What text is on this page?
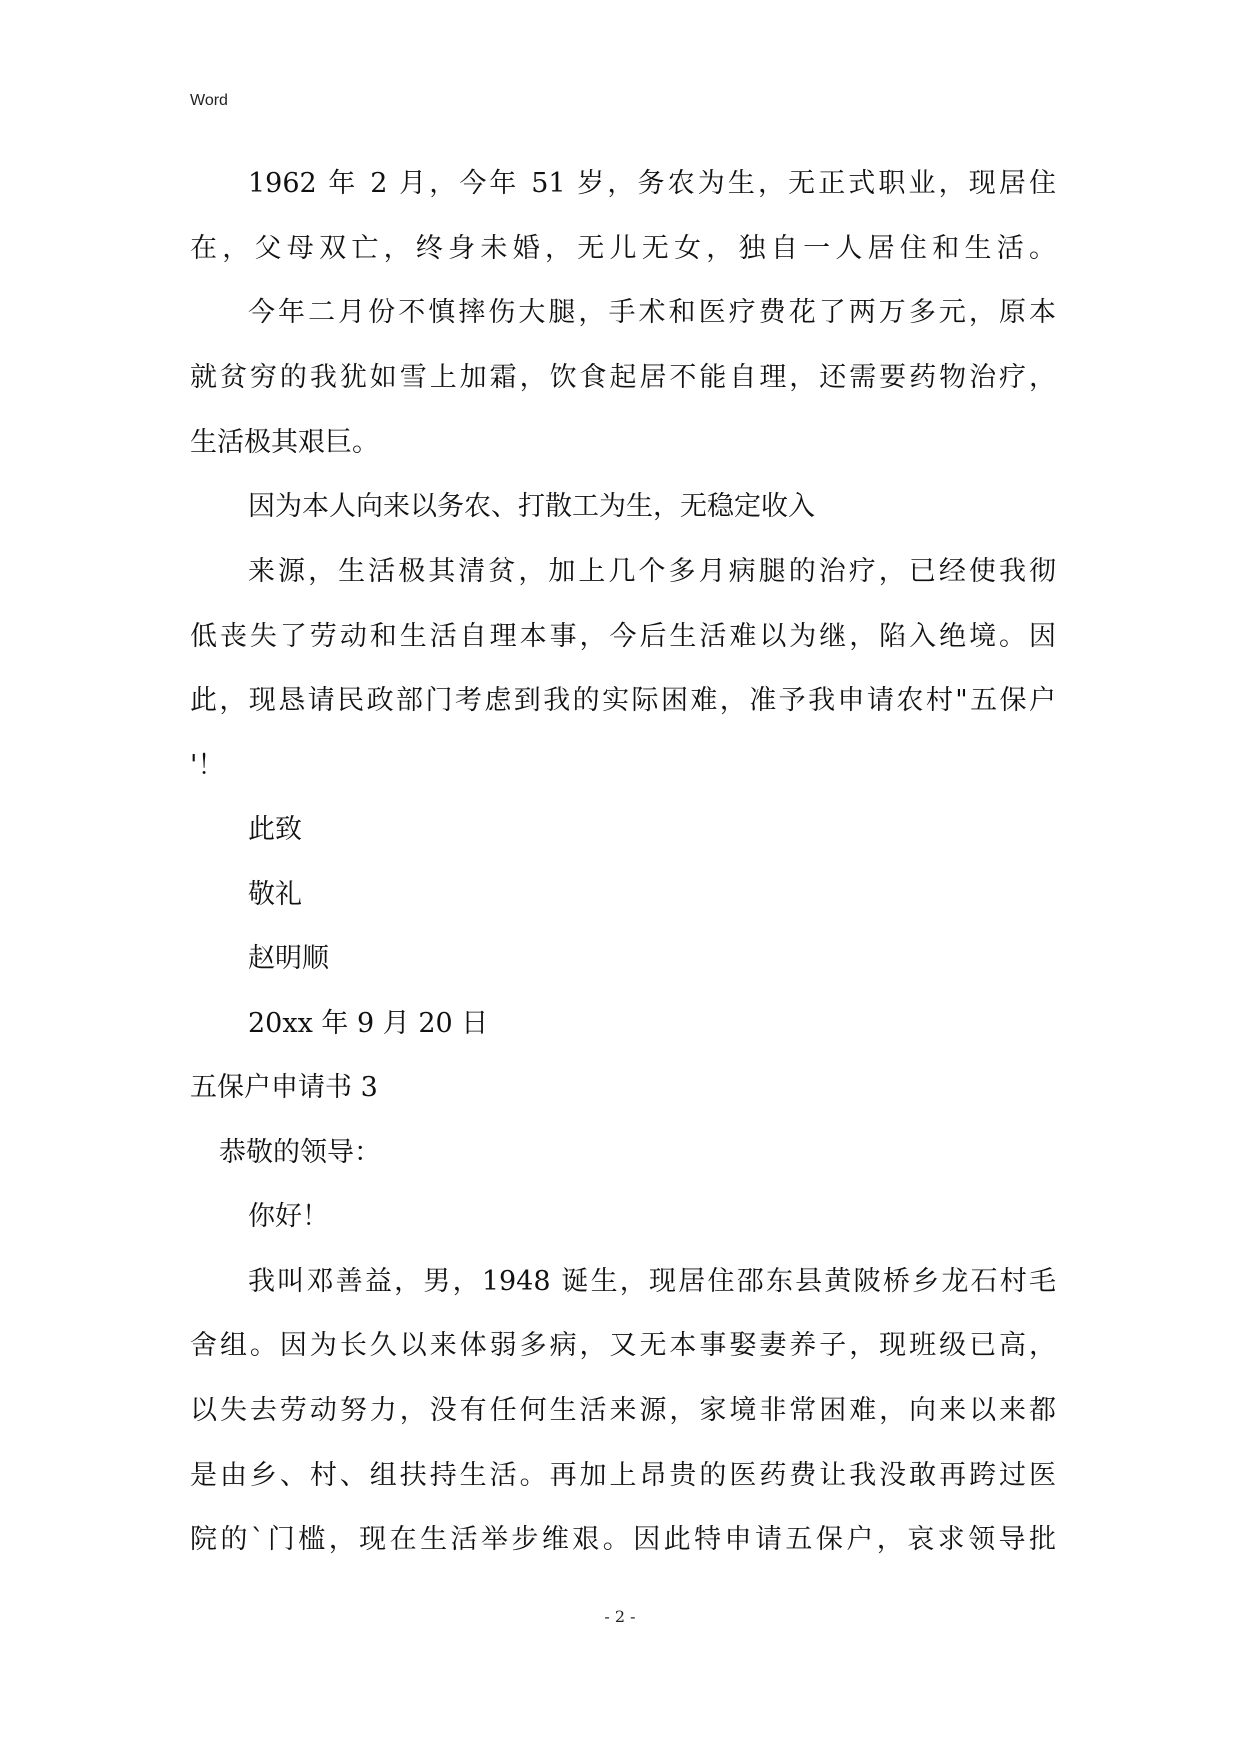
Word
1962 年 2 月，今年 51 岁，务农为生，无正式职业，现居住
在，父母双亡，终身未婚，无儿无女，独自一人居住和生活。
今年二月份不慎摔伤大腿，手术和医疗费花了两万多元，原本
就贫穷的我犹如雪上加霜，饮食起居不能自理，还需要药物治疗，
生活极其艰巨。
因为本人向来以务农、打散工为生，无稳定收入
来源，生活极其清贫，加上几个多月病腿的治疗，已经使我彻
低丧失了劳动和生活自理本事，今后生活难以为继，陷入绝境。因
此，现恳请民政部门考虑到我的实际困难，准予我申请农村"五保户
'！
此致
敬礼
赵明顺
20xx 年 9 月 20 日
五保户申请书 3
恭敬的领导：
你好！
我叫邓善益，男，1948 诞生，现居住邵东县黄陂桥乡龙石村毛
舍组。因为长久以来体弱多病，又无本事娶妻养子，现班级已高，
以失去劳动努力，没有任何生活来源，家境非常困难，向来以来都
是由乡、村、组扶持生活。再加上昂贵的医药费让我没敢再跨过医
院的`门槛，现在生活举步维艰。因此特申请五保户，哀求领导批
- 2 -
